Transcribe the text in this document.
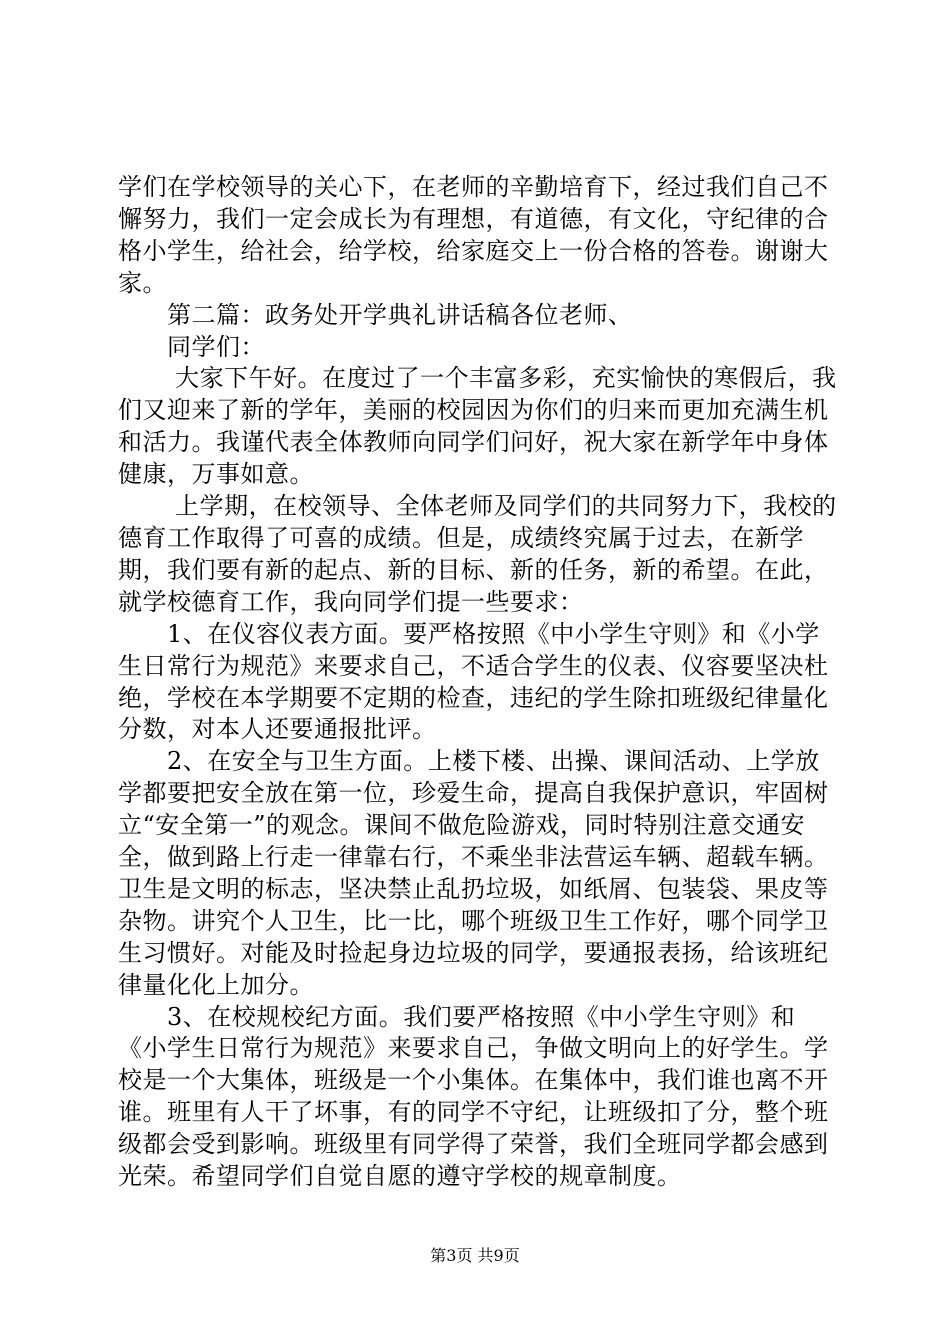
学们在学校领导的关心下，在老师的辛勤培育下，经过我们自己不懈努力，我们一定会成长为有理想，有道德，有文化，守纪律的合格小学生，给社会，给学校，给家庭交上一份合格的答卷。谢谢大家。

　　第二篇：政务处开学典礼讲话稿各位老师、

　　同学们：

　　 大家下午好。在度过了一个丰富多彩，充实愉快的寒假后，我们又迎来了新的学年，美丽的校园因为你们的归来而更加充满生机和活力。我谨代表全体教师向同学们问好，祝大家在新学年中身体健康，万事如意。

　　 上学期，在校领导、全体老师及同学们的共同努力下，我校的德育工作取得了可喜的成绩。但是，成绩终究属于过去，在新学期，我们要有新的起点、新的目标、新的任务，新的希望。在此，就学校德育工作，我向同学们提一些要求：

　　1、在仪容仪表方面。要严格按照《中小学生守则》和《小学生日常行为规范》来要求自己，不适合学生的仪表、仪容要坚决杜绝，学校在本学期要不定期的检查，违纪的学生除扣班级纪律量化分数，对本人还要通报批评。

　　2、在安全与卫生方面。上楼下楼、出操、课间活动、上学放学都要把安全放在第一位，珍爱生命，提高自我保护意识，牢固树立“安全第一”的观念。课间不做危险游戏，同时特别注意交通安全，做到路上行走一律靠右行，不乘坐非法营运车辆、超载车辆。卫生是文明的标志，坚决禁止乱扔垃圾，如纸屑、包装袋、果皮等杂物。讲究个人卫生，比一比，哪个班级卫生工作好，哪个同学卫生习惯好。对能及时捡起身边垃圾的同学，要通报表扬，给该班纪律量化化上加分。

　　3、在校规校纪方面。我们要严格按照《中小学生守则》和《小学生日常行为规范》来要求自己，争做文明向上的好学生。学校是一个大集体，班级是一个小集体。在集体中，我们谁也离不开谁。班里有人干了坏事，有的同学不守纪，让班级扣了分，整个班级都会受到影响。班级里有同学得了荣誉，我们全班同学都会感到光荣。希望同学们自觉自愿的遵守学校的规章制度。

第3页 共9页
